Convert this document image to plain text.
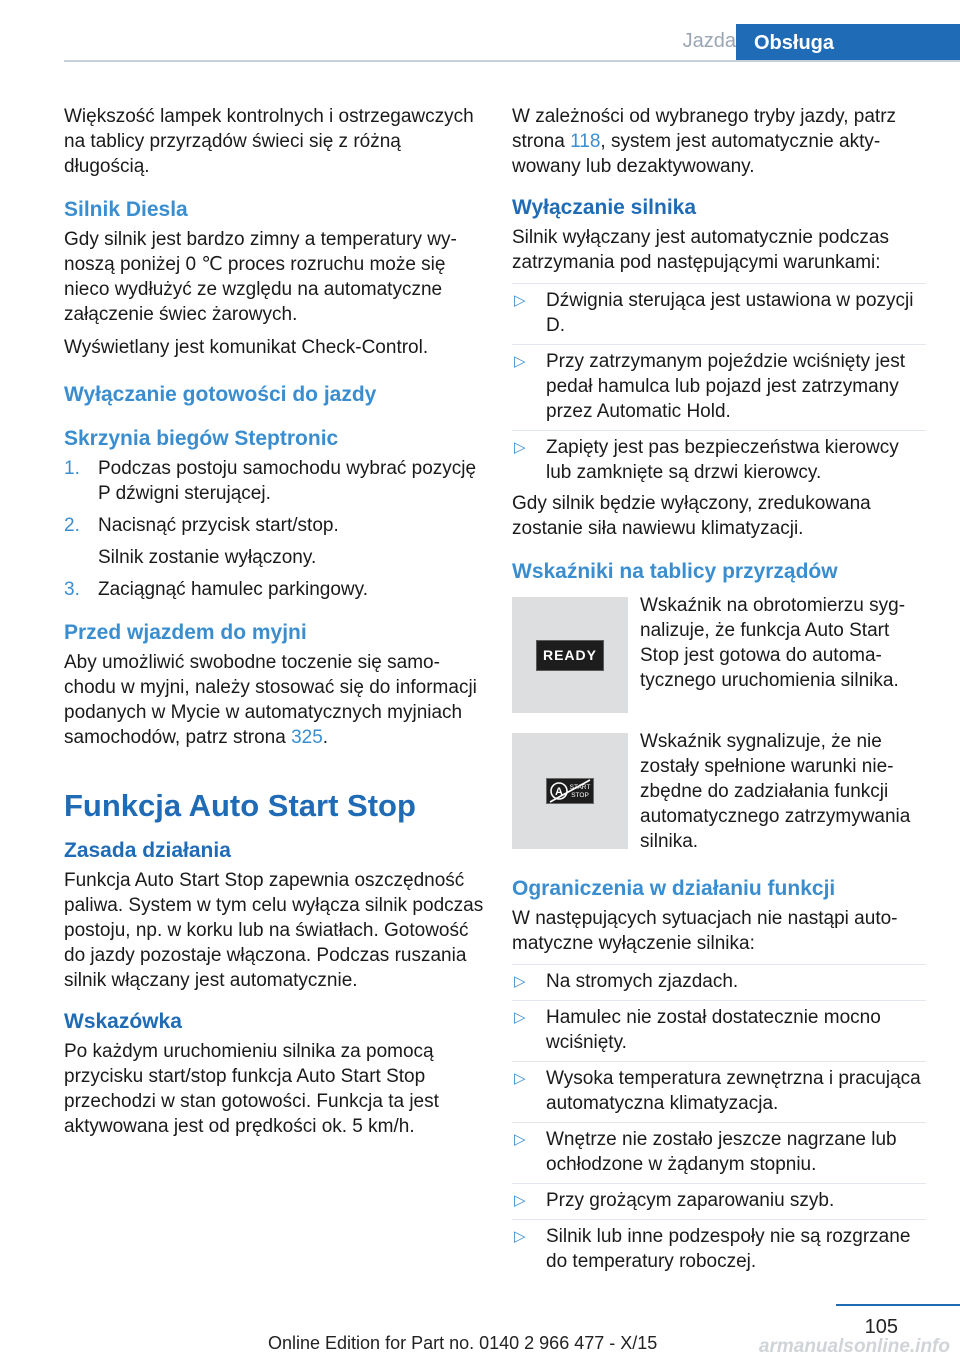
Jazda Obsługa

Większość lampek kontrolnych i ostrzegawczych na tablicy przyrządów świeci się z różną długością.

Silnik Diesla

Gdy silnik jest bardzo zimny a temperatury wynoszą poniżej 0 ℃ proces rozruchu może się nieco wydłużyć ze względu na automatyczne załączenie świec żarowych.

Wyświetlany jest komunikat Check-Control.

Wyłączanie gotowości do jazdy
Skrzynia biegów Steptronic
1. Podczas postoju samochodu wybrać pozycję P dźwigni sterującej.
2. Nacisnąć przycisk start/stop.
Silnik zostanie wyłączony.
3. Zaciągnąć hamulec parkingowy.
Przed wjazdem do myjni

Aby umożliwić swobodne toczenie się samochodu w myjni, należy stosować się do informacji podanych w Mycie w automatycznych myjniach samochodów, patrz strona 325.

Funkcja Auto Start Stop
Zasada działania

Funkcja Auto Start Stop zapewnia oszczędność paliwa. System w tym celu wyłącza silnik podczas postoju, np. w korku lub na światłach. Gotowość do jazdy pozostaje włączona. Podczas ruszania silnik włączany jest automatycznie.

Wskazówka

Po każdym uruchomieniu silnika za pomocą przycisku start/stop funkcja Auto Start Stop przechodzi w stan gotowości. Funkcja ta jest aktywowana jest od prędkości ok. 5 km/h.

W zależności od wybranego tryby jazdy, patrz strona 118, system jest automatycznie aktywowany lub dezaktywowany.

Wyłączanie silnika

Silnik wyłączany jest automatycznie podczas zatrzymania pod następującymi warunkami:

▷ Dźwignia sterująca jest ustawiona w pozycji D.
▷ Przy zatrzymanym pojeździe wciśnięty jest pedał hamulca lub pojazd jest zatrzymany przez Automatic Hold.
▷ Zapięty jest pas bezpieczeństwa kierowcy lub zamknięte są drzwi kierowcy.

Gdy silnik będzie wyłączony, zredukowana zostanie siła nawiewu klimatyzacji.

Wskaźniki na tablicy przyrządów
READY
Wskaźnik na obrotomierzu sygnalizuje, że funkcja Auto Start Stop jest gotowa do automatycznego uruchomienia silnika.
A START
STOP
Wskaźnik sygnalizuje, że nie zostały spełnione warunki niezbędne do zadziałania funkcji automatycznego zatrzymywania silnika.
Ograniczenia w działaniu funkcji

W następujących sytuacjach nie nastąpi automatyczne wyłączenie silnika:

▷ Na stromych zjazdach.
▷ Hamulec nie został dostatecznie mocno wciśnięty.
▷ Wysoka temperatura zewnętrzna i pracująca automatyczna klimatyzacja.
▷ Wnętrze nie zostało jeszcze nagrzane lub ochłodzone w żądanym stopniu.
▷ Przy grożącym zaparowaniu szyb.
▷ Silnik lub inne podzespoły nie są rozgrzane do temperatury roboczej.
105
Online Edition for Part no. 0140 2 966 477 - X/15	armanualsonline.info
